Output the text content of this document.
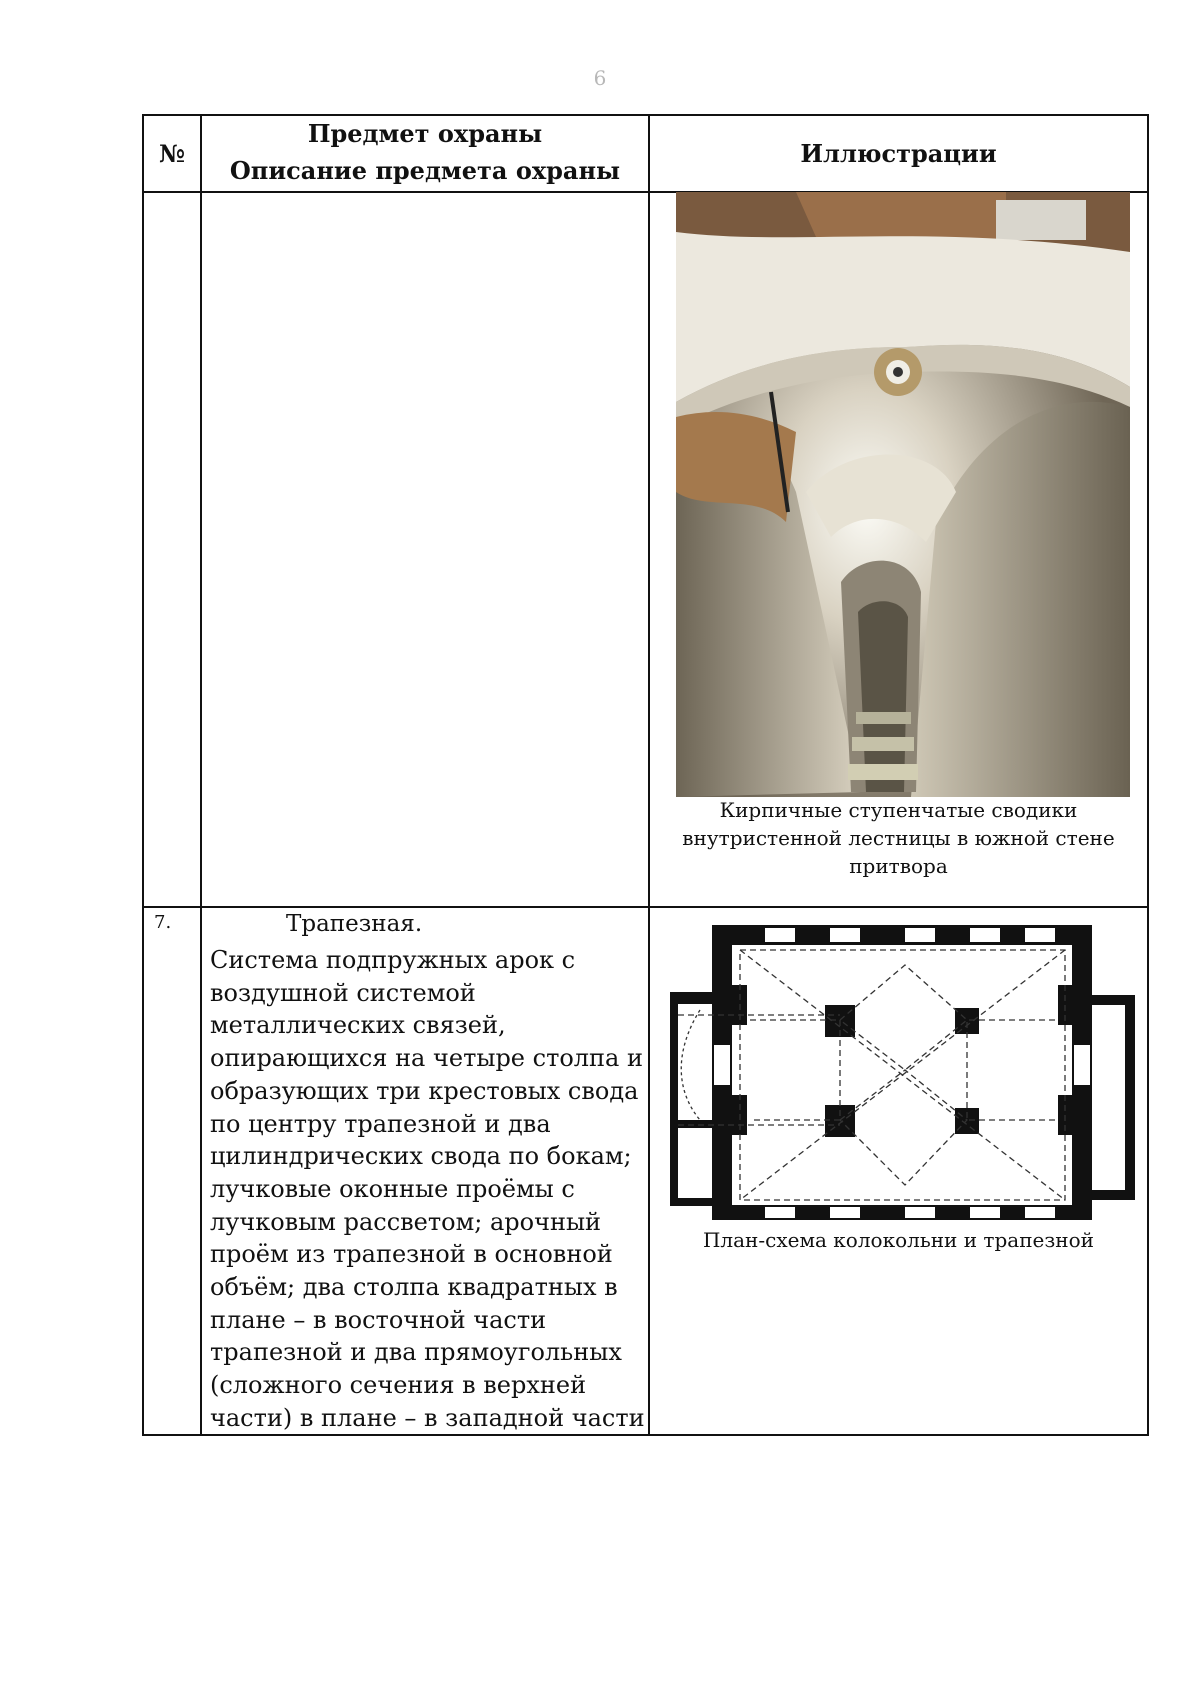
6
№
Предмет охраны
Описание предмета охраны
Иллюстрации
Кирпичные ступенчатые сводики
внутристенной лестницы в южной стене
притвора
7.	Трапезная.
Система подпружных арок с воздушной системой металлических связей, опирающихся на четыре столпа и образующих три крестовых свода по центру трапезной и два цилиндрических свода по бокам; лучковые оконные проёмы с лучковым рассветом; арочный проём из трапезной в основной объём; два столпа квадратных в плане – в восточной части трапезной и два прямоугольных (сложного сечения в верхней части) в плане – в западной части
План-схема колокольни и трапезной
